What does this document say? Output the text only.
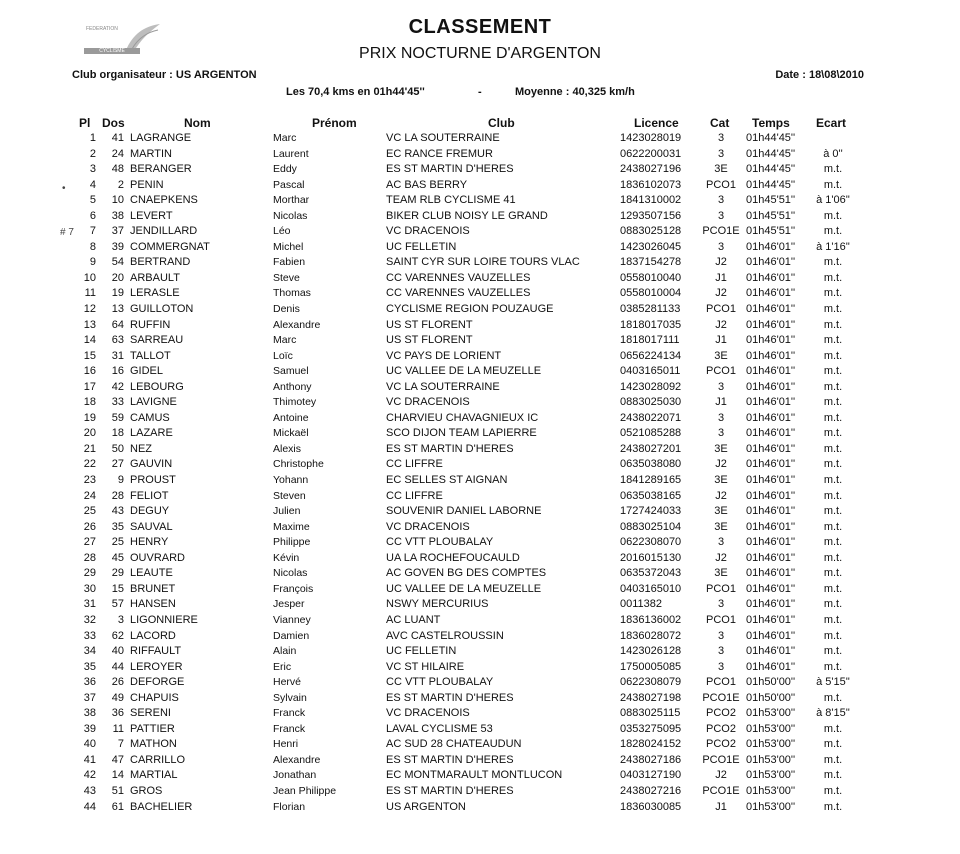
FEDERATION
CYCLISME
CLASSEMENT
PRIX NOCTURNE D'ARGENTON
Club organisateur : US ARGENTON	Date : 18\08\2010
Les 70,4 kms en 01h44'45''	-	Moyenne : 40,325 km/h
•
# 7
Pl Dos	Nom	Prénom	Club	Licence	Cat Temps Ecart
1	41 LAGRANGE	Marc	VC LA SOUTERRAINE	1423028019	3	01h44'45''
2	24 MARTIN	Laurent	EC RANCE FREMUR	0622200031	3	01h44'45''	à 0''
3	48 BERANGER	Eddy	ES ST MARTIN D'HERES	2438027196	3E	01h44'45''	m.t.
4	2 PENIN	Pascal	AC BAS BERRY	1836102073	PCO1 01h44'45''	m.t.
5	10 CNAEPKENS	Morthar	TEAM RLB CYCLISME 41	1841310002	3	01h45'51''	à 1'06''
6	38 LEVERT	Nicolas	BIKER CLUB NOISY LE GRAND	1293507156	3	01h45'51''	m.t.
7	37 JENDILLARD	Léo	VC DRACENOIS	0883025128 PCO1E 01h45'51''	m.t.
8	39 COMMERGNAT	Michel	UC FELLETIN	1423026045	3	01h46'01''	à 1'16''
9	54 BERTRAND	Fabien	SAINT CYR SUR LOIRE TOURS VLAC	1837154278	J2	01h46'01''	m.t.
10	20 ARBAULT	Steve	CC VARENNES VAUZELLES	0558010040	J1	01h46'01''	m.t.
11	19 LERASLE	Thomas	CC VARENNES VAUZELLES	0558010004	J2	01h46'01''	m.t.
12	13 GUILLOTON	Denis	CYCLISME REGION POUZAUGE	0385281133	PCO1 01h46'01''	m.t.
13	64 RUFFIN	Alexandre	US ST FLORENT	1818017035	J2	01h46'01''	m.t.
14	63 SARREAU	Marc	US ST FLORENT	1818017111	J1	01h46'01''	m.t.
15	31 TALLOT	Loïc	VC PAYS DE LORIENT	0656224134	3E	01h46'01''	m.t.
16	16 GIDEL	Samuel	UC VALLEE DE LA MEUZELLE	0403165011	PCO1 01h46'01''	m.t.
17	42 LEBOURG	Anthony	VC LA SOUTERRAINE	1423028092	3	01h46'01''	m.t.
18	33 LAVIGNE	Thimotey	VC DRACENOIS	0883025030	J1	01h46'01''	m.t.
19	59 CAMUS	Antoine	CHARVIEU CHAVAGNIEUX IC	2438022071	3	01h46'01''	m.t.
20	18 LAZARE	Mickaël	SCO DIJON TEAM LAPIERRE	0521085288	3	01h46'01''	m.t.
21	50 NEZ	Alexis	ES ST MARTIN D'HERES	2438027201	3E	01h46'01''	m.t.
22	27 GAUVIN	Christophe	CC LIFFRE	0635038080	J2	01h46'01''	m.t.
23	9 PROUST	Yohann	EC SELLES ST AIGNAN	1841289165	3E	01h46'01''	m.t.
24	28 FELIOT	Steven	CC LIFFRE	0635038165	J2	01h46'01''	m.t.
25	43 DEGUY	Julien	SOUVENIR DANIEL LABORNE	1727424033	3E	01h46'01''	m.t.
26	35 SAUVAL	Maxime	VC DRACENOIS	0883025104	3E	01h46'01''	m.t.
27	25 HENRY	Philippe	CC VTT PLOUBALAY	0622308070	3	01h46'01''	m.t.
28	45 OUVRARD	Kévin	UA LA ROCHEFOUCAULD	2016015130	J2	01h46'01''	m.t.
29	29 LEAUTE	Nicolas	AC GOVEN BG DES COMPTES	0635372043	3E	01h46'01''	m.t.
30	15 BRUNET	François	UC VALLEE DE LA MEUZELLE	0403165010	PCO1 01h46'01''	m.t.
31	57 HANSEN	Jesper	NSWY MERCURIUS	0011382	3	01h46'01''	m.t.
32	3 LIGONNIERE	Vianney	AC LUANT	1836136002	PCO1 01h46'01''	m.t.
33	62 LACORD	Damien	AVC CASTELROUSSIN	1836028072	3	01h46'01''	m.t.
34	40 RIFFAULT	Alain	UC FELLETIN	1423026128	3	01h46'01''	m.t.
35	44 LEROYER	Eric	VC ST HILAIRE	1750005085	3	01h46'01''	m.t.
36	26 DEFORGE	Hervé	CC VTT PLOUBALAY	0622308079	PCO1 01h50'00''	à 5'15''
37	49 CHAPUIS	Sylvain	ES ST MARTIN D'HERES	2438027198 PCO1E 01h50'00''	m.t.
38	36 SERENI	Franck	VC DRACENOIS	0883025115	PCO2 01h53'00''	à 8'15''
39	11 PATTIER	Franck	LAVAL CYCLISME 53	0353275095	PCO2 01h53'00''	m.t.
40	7 MATHON	Henri	AC SUD 28 CHATEAUDUN	1828024152	PCO2 01h53'00''	m.t.
41	47 CARRILLO	Alexandre	ES ST MARTIN D'HERES	2438027186 PCO1E 01h53'00''	m.t.
42	14 MARTIAL	Jonathan	EC MONTMARAULT MONTLUCON	0403127190	J2	01h53'00''	m.t.
43	51 GROS	Jean Philippe	ES ST MARTIN D'HERES	2438027216 PCO1E 01h53'00''	m.t.
44	61 BACHELIER	Florian	US ARGENTON	1836030085	J1	01h53'00''	m.t.
